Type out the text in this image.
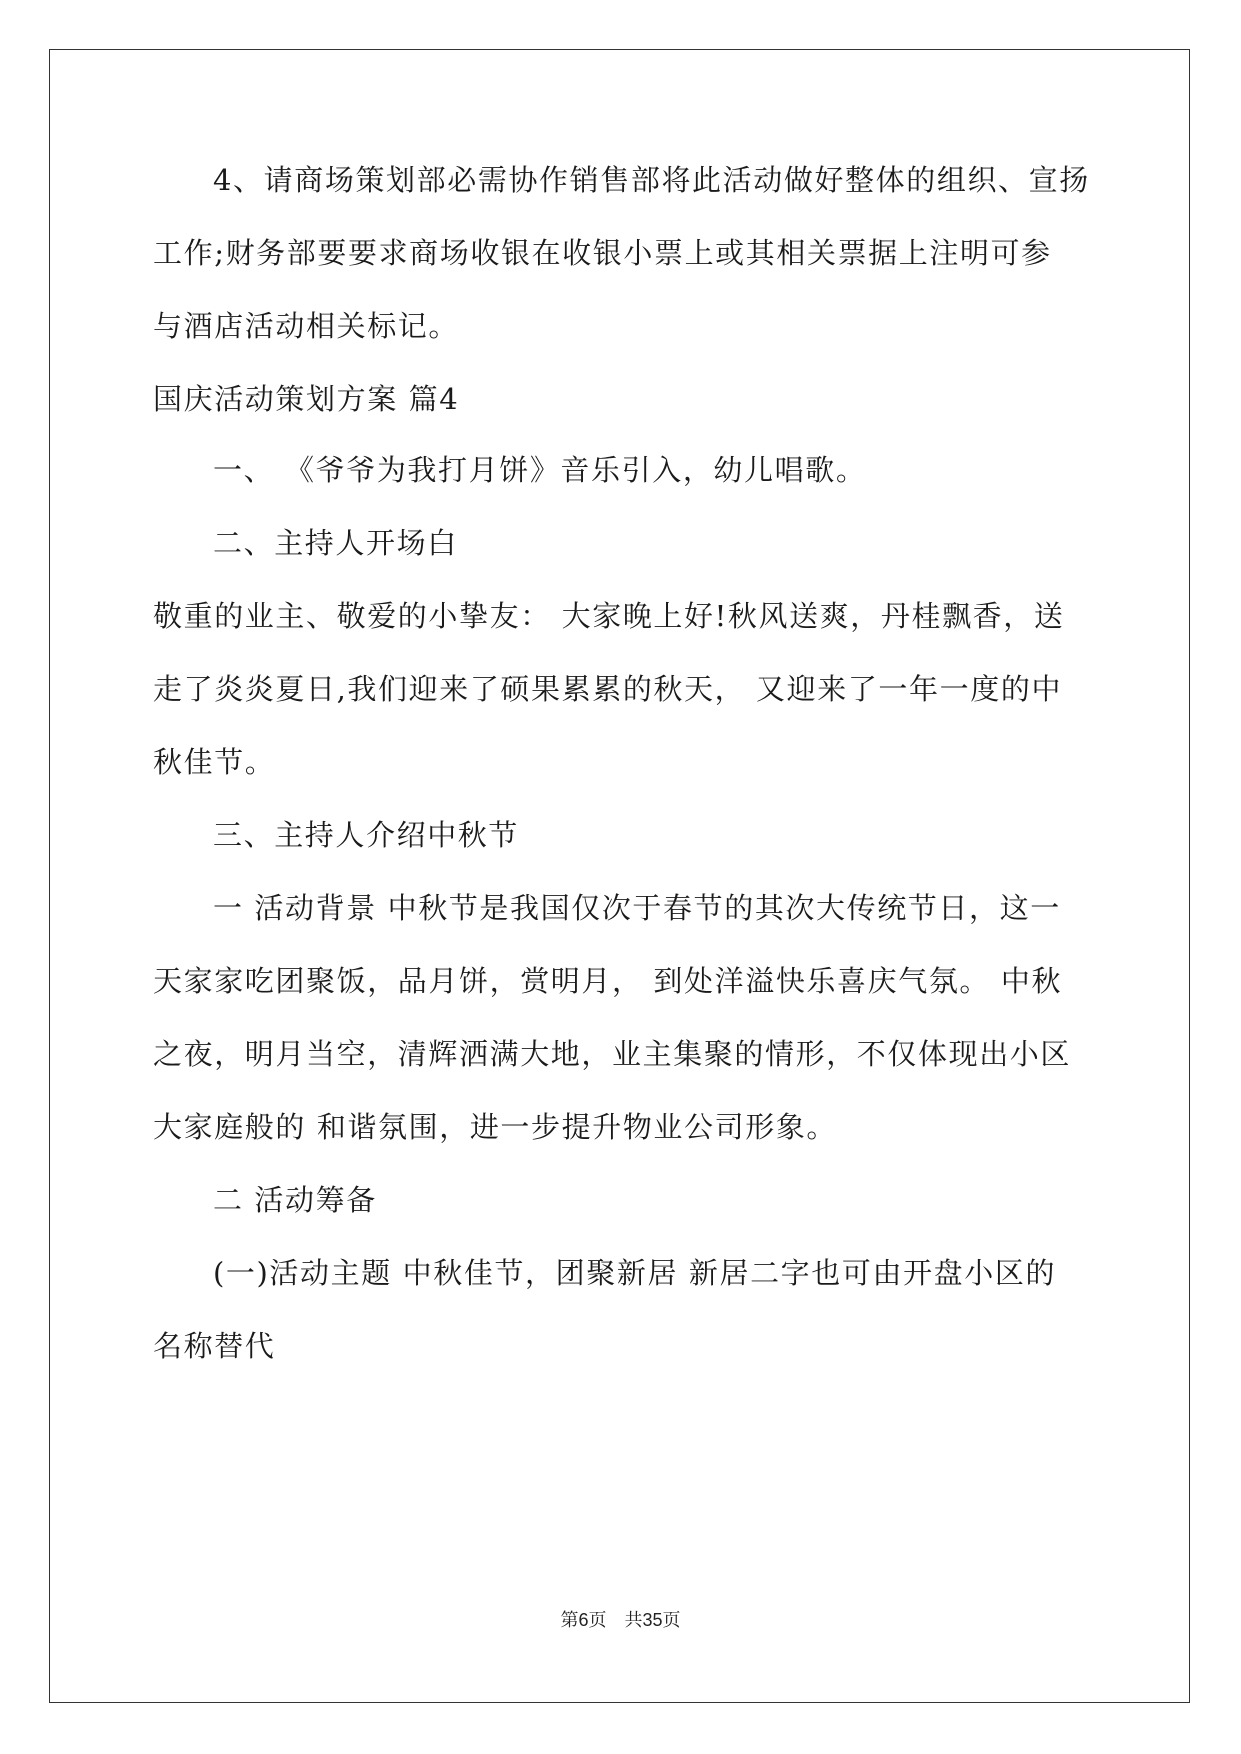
4、请商场策划部必需协作销售部将此活动做好整体的组织、宣扬
工作;财务部要要求商场收银在收银小票上或其相关票据上注明可参
与酒店活动相关标记。
国庆活动策划方案 篇4
一、 《爷爷为我打月饼》音乐引入，幼儿唱歌。
二、主持人开场白
敬重的业主、敬爱的小挚友： 大家晚上好!秋风送爽，丹桂飘香，送
走了炎炎夏日,我们迎来了硕果累累的秋天， 又迎来了一年一度的中
秋佳节。
三、主持人介绍中秋节
一 活动背景 中秋节是我国仅次于春节的其次大传统节日，这一
天家家吃团聚饭，品月饼，赏明月， 到处洋溢快乐喜庆气氛。 中秋
之夜，明月当空，清辉洒满大地，业主集聚的情形，不仅体现出小区
大家庭般的 和谐氛围，进一步提升物业公司形象。
二 活动筹备
(一)活动主题 中秋佳节，团聚新居 新居二字也可由开盘小区的
名称替代
第6页　共35页
